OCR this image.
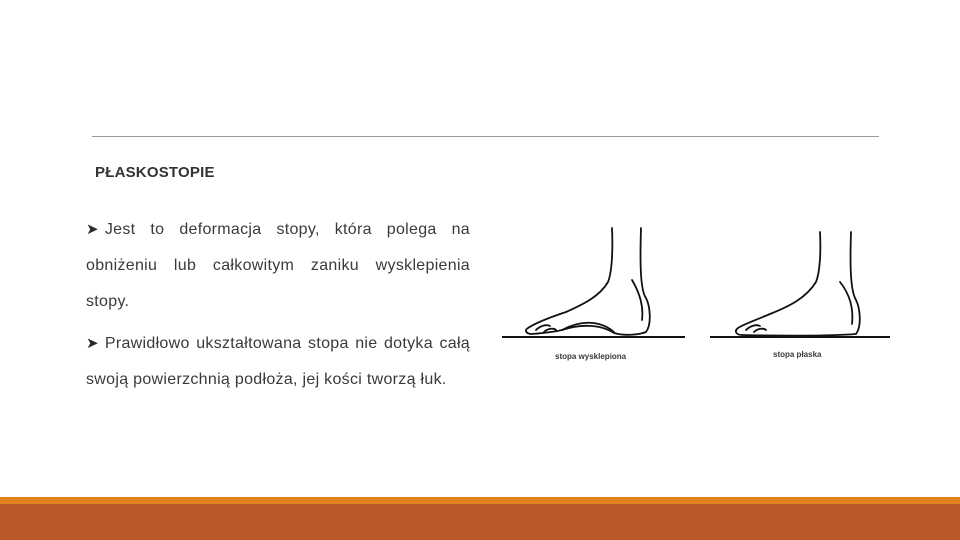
PŁASKOSTOPIE
➤ Jest to deformacja stopy, która polega na obniżeniu lub całkowitym zaniku wysklepienia stopy.
➤ Prawidłowo ukształtowana stopa nie dotyka całą swoją powierzchnią podłoża, jej kości tworzą łuk.
stopa wysklepiona	stopa płaska
